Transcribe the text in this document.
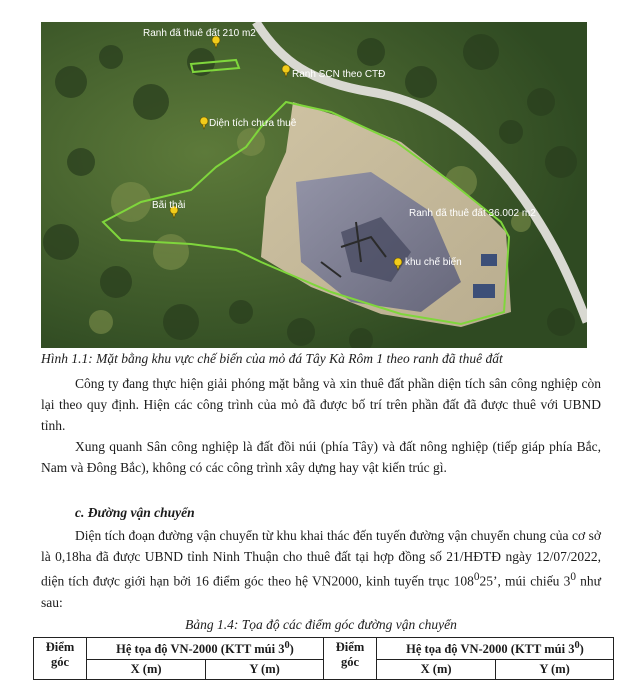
Ranh đã thuê đất 210 m2
Ranh SCN theo CTĐ
Diện tích chưa thuê
Bãi thải
Ranh đã thuê đất 36.002 m2
khu chế biến
Hình 1.1: Mặt bằng khu vực chế biến của mỏ đá Tây Kà Rôm 1 theo ranh đã thuê đất

Công ty đang thực hiện giải phóng mặt bằng và xin thuê đất phần diện tích sân công nghiệp còn lại theo quy định. Hiện các công trình của mỏ đã được bố trí trên phần đất đã được thuê với UBND tỉnh.

Xung quanh Sân công nghiệp là đất đồi núi (phía Tây) và đất nông nghiệp (tiếp giáp phía Bắc, Nam và Đông Bắc), không có các công trình xây dựng hay vật kiến trúc gì.

c. Đường vận chuyển

Diện tích đoạn đường vận chuyển từ khu khai thác đến tuyến đường vận chuyển chung của cơ sở là 0,18ha đã được UBND tỉnh Ninh Thuận cho thuê đất tại hợp đồng số 21/HĐTĐ ngày 12/07/2022, diện tích được giới hạn bởi 16 điểm góc theo hệ VN2000, kinh tuyến trục $108^025$’, múi chiếu $3^0$ như sau:

Bảng 1.4: Tọa độ các điểm góc đường vận chuyển
Điểm góc	Hệ tọa độ VN-2000 (KTT múi $3^0$)		Điểm góc	Hệ tọa độ VN-2000 (KTT múi $3^0$)	
	X (m)	Y (m)		X (m)	Y (m)
